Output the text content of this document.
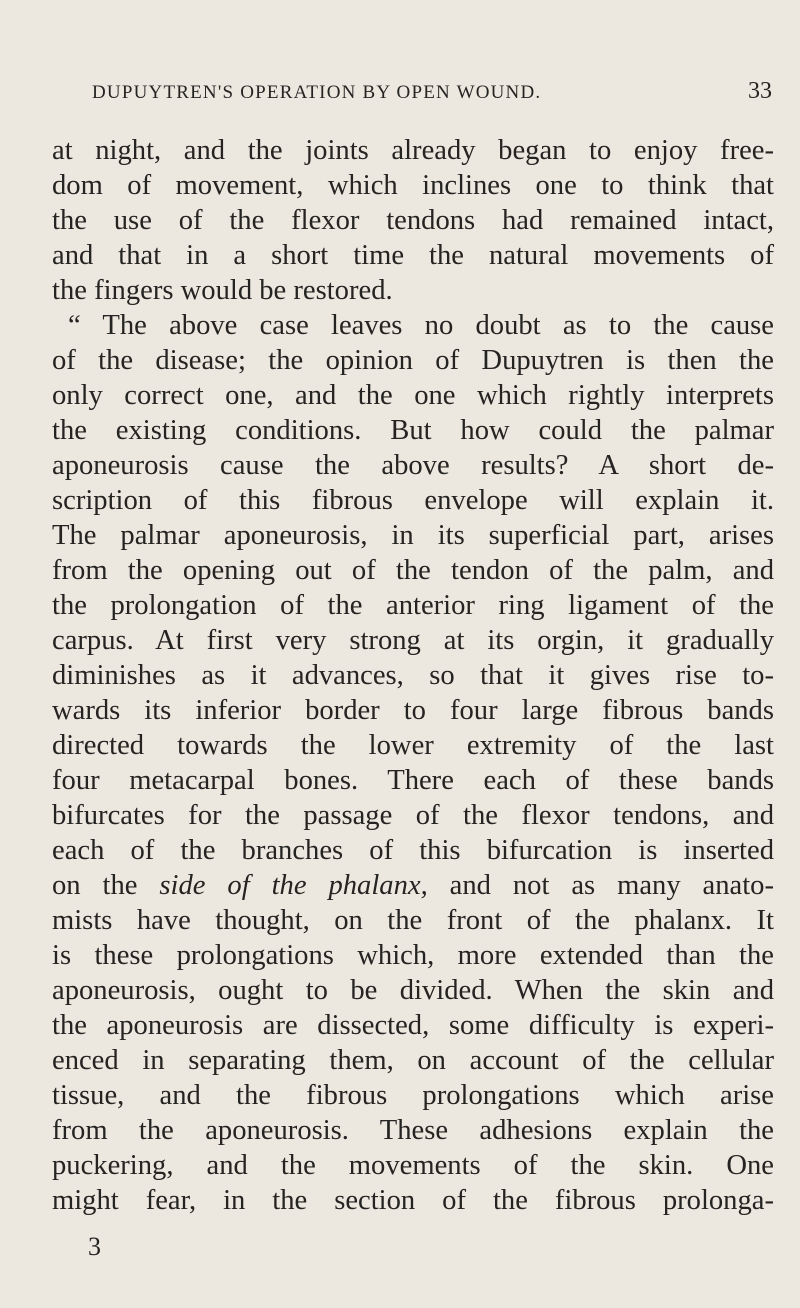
DUPUYTREN'S OPERATION BY OPEN WOUND.	33
at night, and the joints already began to enjoy free-
dom of movement, which inclines one to think that
the use of the flexor tendons had remained intact,
and that in a short time the natural movements of
the fingers would be restored.
“ The above case leaves no doubt as to the cause
of the disease; the opinion of Dupuytren is then the
only correct one, and the one which rightly interprets
the existing conditions. But how could the palmar
aponeurosis cause the above results? A short de-
scription of this fibrous envelope will explain it.
The palmar aponeurosis, in its superficial part, arises
from the opening out of the tendon of the palm, and
the prolongation of the anterior ring ligament of the
carpus. At first very strong at its orgin, it gradually
diminishes as it advances, so that it gives rise to-
wards its inferior border to four large fibrous bands
directed towards the lower extremity of the last
four metacarpal bones. There each of these bands
bifurcates for the passage of the flexor tendons, and
each of the branches of this bifurcation is inserted
on the side of the phalanx, and not as many anato-
mists have thought, on the front of the phalanx. It
is these prolongations which, more extended than the
aponeurosis, ought to be divided. When the skin and
the aponeurosis are dissected, some difficulty is experi-
enced in separating them, on account of the cellular
tissue, and the fibrous prolongations which arise
from the aponeurosis. These adhesions explain the
puckering, and the movements of the skin. One
might fear, in the section of the fibrous prolonga-
3
